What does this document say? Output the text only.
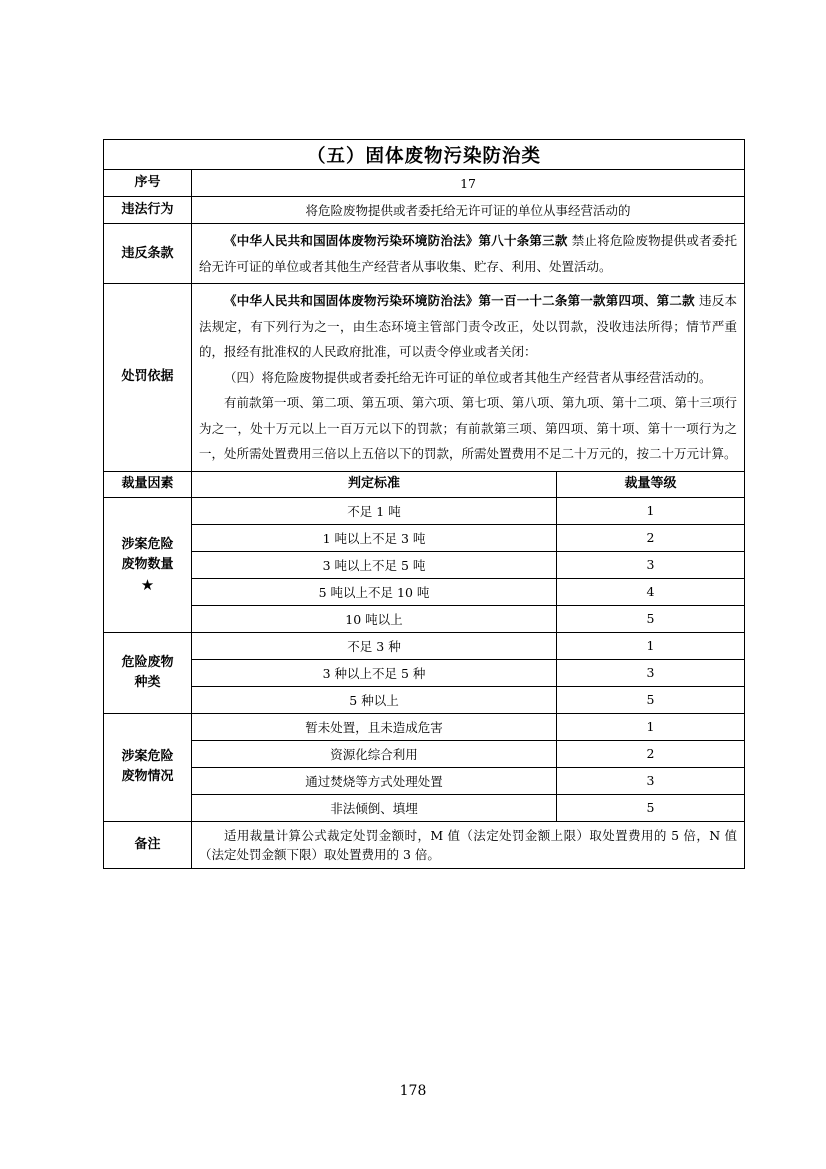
（五）固体废物污染防治类		
序号	17	
违法行为	将危险废物提供或者委托给无许可证的单位从事经营活动的	
违反条款	《中华人民共和国固体废物污染环境防治法》第八十条第三款 禁止将危险废物提供或者委托给无许可证的单位或者其他生产经营者从事收集、贮存、利用、处置活动。	

处罚依据	《中华人民共和国固体废物污染环境防治法》第一百一十二条第一款第四项、第二款 违反本法规定，有下列行为之一，由生态环境主管部门责令改正，处以罚款，没收违法所得；情节严重的，报经有批准权的人民政府批准，可以责令停业或者关闭：

（四）将危险废物提供或者委托给无许可证的单位或者其他生产经营者从事经营活动的。

有前款第一项、第二项、第五项、第六项、第七项、第八项、第九项、第十二项、第十三项行为之一，处十万元以上一百万元以下的罚款；有前款第三项、第四项、第十项、第十一项行为之一，处所需处置费用三倍以上五倍以下的罚款，所需处置费用不足二十万元的，按二十万元计算。	

裁量因素	判定标准	裁量等级

涉案危险
废物数量
★	不足 1 吨	1
	1 吨以上不足 3 吨	2
	3 吨以上不足 5 吨	3
	5 吨以上不足 10 吨	4
	10 吨以上	5

危险废物
种类	不足 3 种	1
	3 种以上不足 5 种	3
	5 种以上	5

涉案危险
废物情况	暂未处置，且未造成危害	1
	资源化综合利用	2
	通过焚烧等方式处理处置	3
	非法倾倒、填埋	5
备注	适用裁量计算公式裁定处罚金额时，M 值（法定处罚金额上限）取处置费用的 5 倍，N 值（法定处罚金额下限）取处置费用的 3 倍。	

178
